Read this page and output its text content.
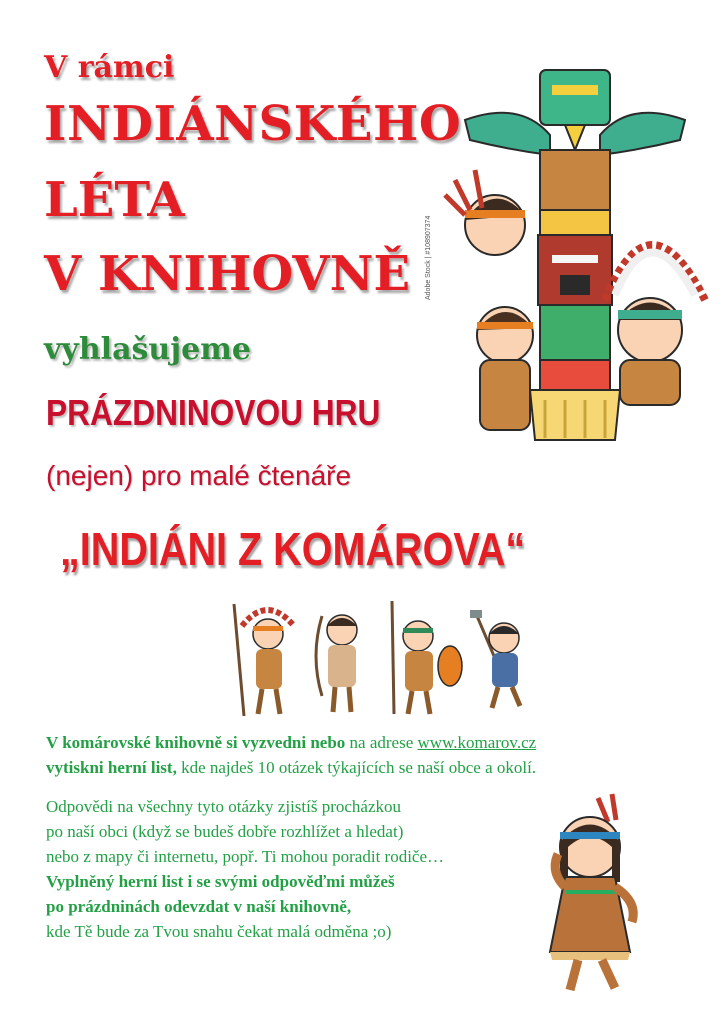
V rámci
INDIÁNSKÉHO
LÉTA
V KNIHOVNĚ
vyhlašujeme
PRÁZDNINOVOU HRU
(nejen) pro malé čtenáře
„INDIÁNI Z KOMÁROVA“
Adobe Stock | #108907374
V komárovské knihovně si vyzvedni nebo na adrese www.komarov.cz
vytiskni herní list, kde najdeš 10 otázek týkajících se naší obce a okolí.
Odpovědi na všechny tyto otázky zjistíš procházkou
po naší obci (když se budeš dobře rozhlížet a hledat)
nebo z mapy či internetu, popř. Ti mohou poradit rodiče…
Vyplněný herní list i se svými odpověďmi můžeš
po prázdninách odevzdat v naší knihovně,
kde Tě bude za Tvou snahu čekat malá odměna ;o)
